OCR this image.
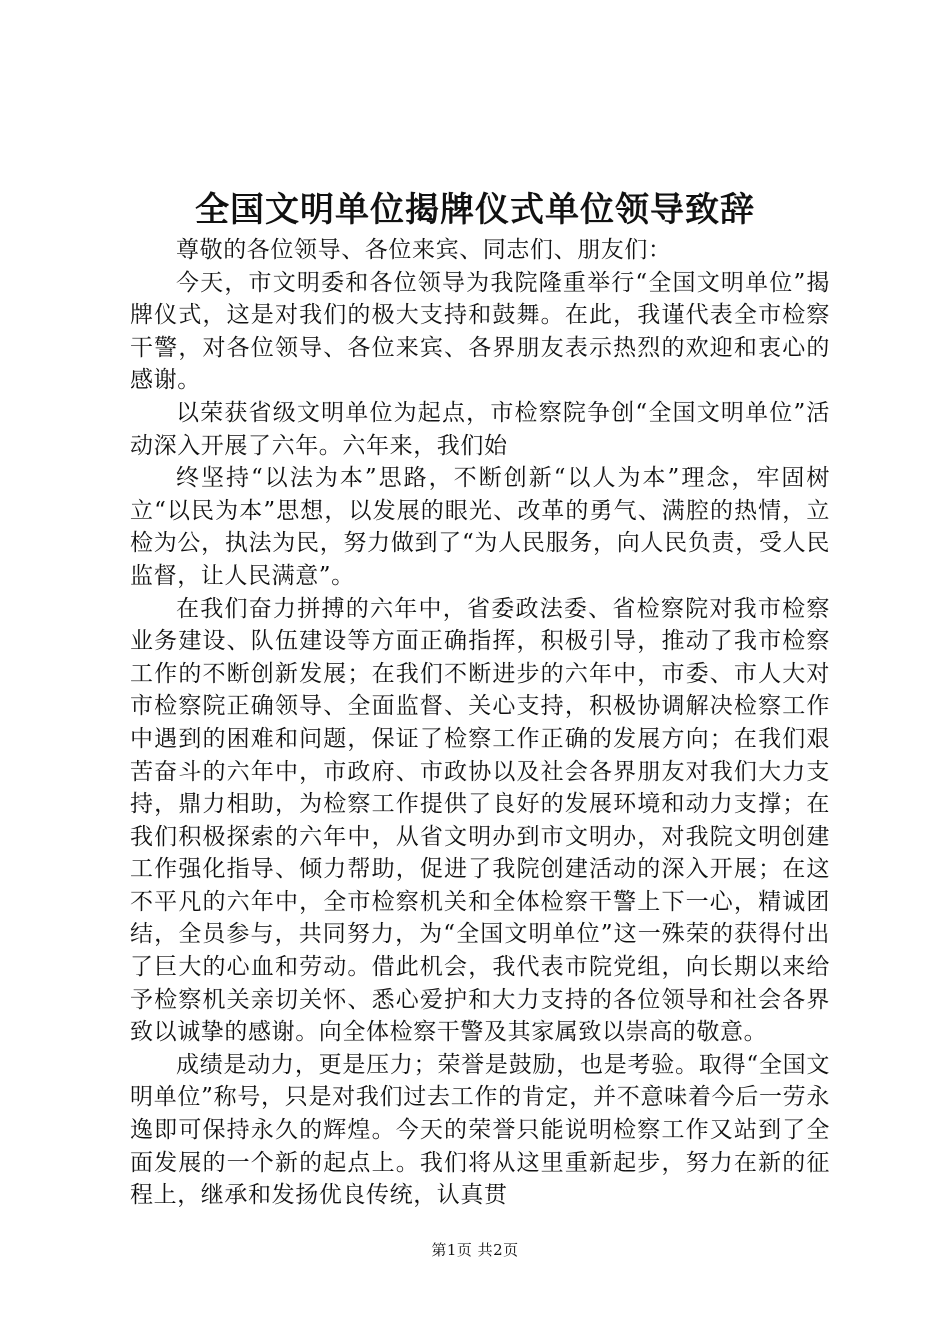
全国文明单位揭牌仪式单位领导致辞

尊敬的各位领导、各位来宾、同志们、朋友们：

今天，市文明委和各位领导为我院隆重举行“全国文明单位”揭牌仪式，这是对我们的极大支持和鼓舞。在此，我谨代表全市检察干警，对各位领导、各位来宾、各界朋友表示热烈的欢迎和衷心的感谢。

以荣获省级文明单位为起点，市检察院争创“全国文明单位”活动深入开展了六年。六年来，我们始

终坚持“以法为本”思路，不断创新“以人为本”理念，牢固树立“以民为本”思想，以发展的眼光、改革的勇气、满腔的热情，立检为公，执法为民，努力做到了“为人民服务，向人民负责，受人民监督，让人民满意”。

在我们奋力拼搏的六年中，省委政法委、省检察院对我市检察业务建设、队伍建设等方面正确指挥，积极引导，推动了我市检察工作的不断创新发展；在我们不断进步的六年中，市委、市人大对市检察院正确领导、全面监督、关心支持，积极协调解决检察工作中遇到的困难和问题，保证了检察工作正确的发展方向；在我们艰苦奋斗的六年中，市政府、市政协以及社会各界朋友对我们大力支持，鼎力相助，为检察工作提供了良好的发展环境和动力支撑；在我们积极探索的六年中，从省文明办到市文明办，对我院文明创建工作强化指导、倾力帮助，促进了我院创建活动的深入开展；在这不平凡的六年中，全市检察机关和全体检察干警上下一心，精诚团结，全员参与，共同努力，为“全国文明单位”这一殊荣的获得付出了巨大的心血和劳动。借此机会，我代表市院党组，向长期以来给予检察机关亲切关怀、悉心爱护和大力支持的各位领导和社会各界致以诚挚的感谢。向全体检察干警及其家属致以崇高的敬意。

成绩是动力，更是压力；荣誉是鼓励，也是考验。取得“全国文明单位”称号，只是对我们过去工作的肯定，并不意味着今后一劳永逸即可保持永久的辉煌。今天的荣誉只能说明检察工作又站到了全面发展的一个新的起点上。我们将从这里重新起步，努力在新的征程上，继承和发扬优良传统，认真贯

第1页 共2页
